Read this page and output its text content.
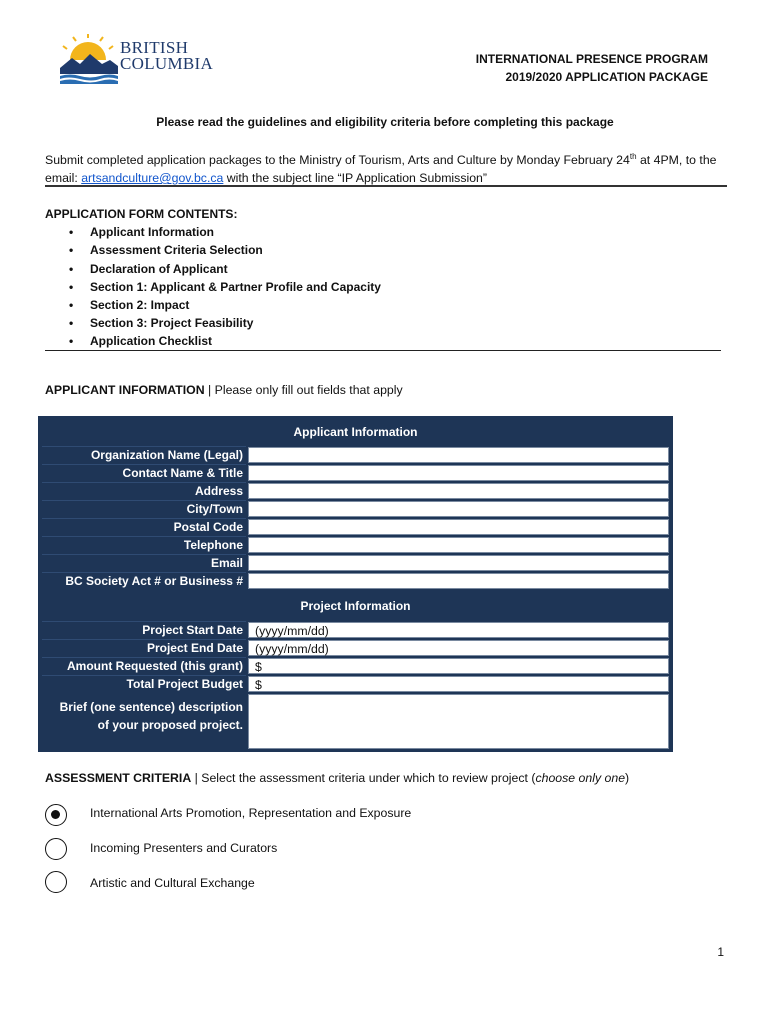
BRITISH
COLUMBIA	INTERNATIONAL PRESENCE PROGRAM
2019/2020 APPLICATION PACKAGE
Please read the guidelines and eligibility criteria before completing this package
Submit completed application packages to the Ministry of Tourism, Arts and Culture by Monday February 24th at 4PM, to the email: artsandculture@gov.bc.ca with the subject line “IP Application Submission”
APPLICATION FORM CONTENTS:
• Applicant Information
• Assessment Criteria Selection
• Declaration of Applicant
• Section 1: Applicant & Partner Profile and Capacity
• Section 2: Impact
• Section 3: Project Feasibility
• Application Checklist
APPLICANT INFORMATION | Please only fill out fields that apply
Applicant Information
Organization Name (Legal)
Contact Name & Title
Address
City/Town
Postal Code
Telephone
Email
BC Society Act # or Business #
Project Information
Project Start Date (yyyy/mm/dd)
Project End Date (yyyy/mm/dd)
Amount Requested (this grant) $
Total Project Budget $
Brief (one sentence) description
of your proposed project.
ASSESSMENT CRITERIA | Select the assessment criteria under which to review project (choose only one)
International Arts Promotion, Representation and Exposure
Incoming Presenters and Curators
Artistic and Cultural Exchange
1
